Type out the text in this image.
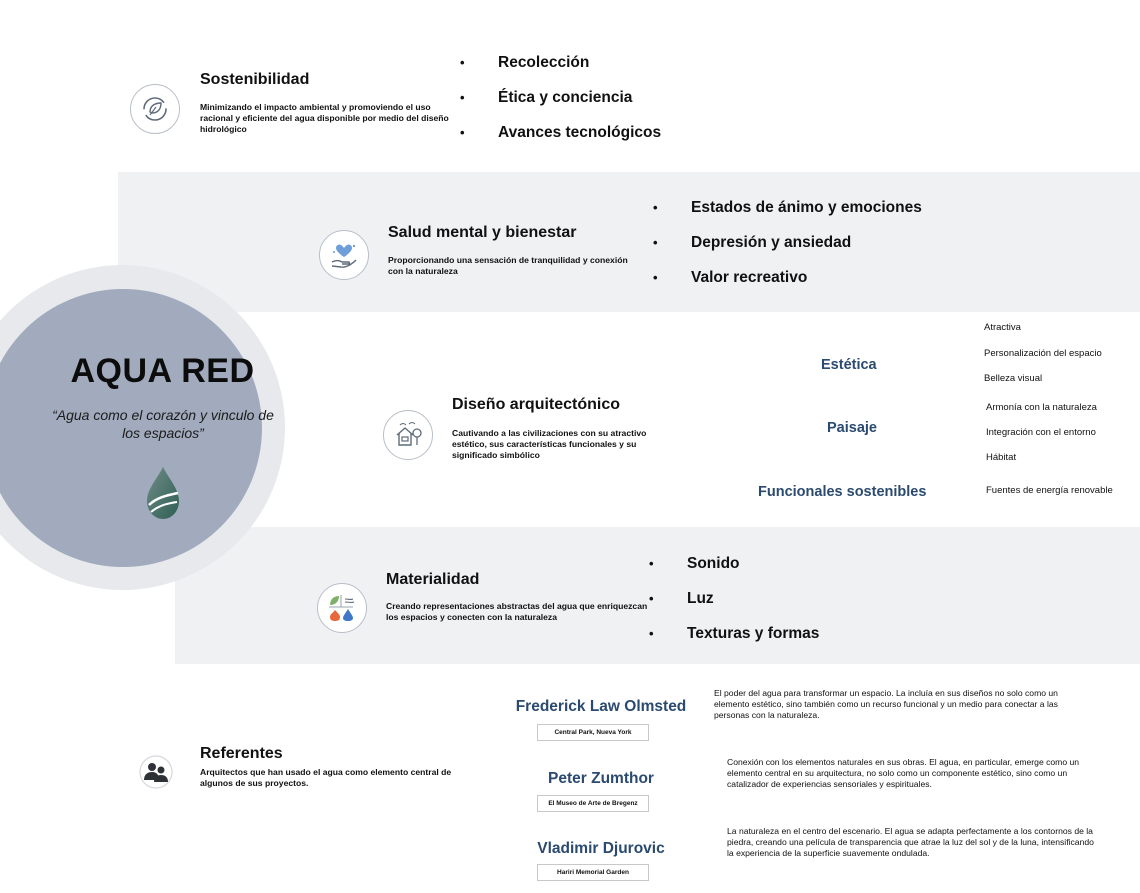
AQUA RED
“Agua como el corazón y vinculo de los espacios”
Sostenibilidad
Minimizando el impacto ambiental y promoviendo el uso racional y eficiente del agua disponible por medio del diseño hidrológico
• Recolección
• Ética y conciencia
• Avances tecnológicos
Salud mental y bienestar
Proporcionando una sensación de tranquilidad y conexión con la naturaleza
• Estados de ánimo y emociones
• Depresión y ansiedad
• Valor recreativo
Diseño arquitectónico
Cautivando a las civilizaciones con su atractivo estético, sus características funcionales y su significado simbólico
Estética
Paisaje
Funcionales sostenibles
Atractiva
Personalización del espacio
Belleza visual
Armonía con la naturaleza
Integración con el entorno
Hábitat
Fuentes de energía renovable
Materialidad
Creando representaciones abstractas del agua que enriquezcan los espacios y conecten con la naturaleza
• Sonido
• Luz
• Texturas y formas
Referentes
Arquitectos que han usado el agua como elemento central de algunos de sus proyectos.
Frederick Law Olmsted
Central Park, Nueva York
El poder del agua para transformar un espacio. La incluía en sus diseños no solo como un elemento estético, sino también como un recurso funcional y un medio para conectar a las personas con la naturaleza.
Peter Zumthor
El Museo de Arte de Bregenz
Conexión con los elementos naturales en sus obras. El agua, en particular, emerge como un elemento central en su arquitectura, no solo como un componente estético, sino como un catalizador de experiencias sensoriales y espirituales.
Vladimir Djurovic
Hariri Memorial Garden
La naturaleza en el centro del escenario. El agua se adapta perfectamente a los contornos de la piedra, creando una película de transparencia que atrae la luz del sol y de la luna, intensificando la experiencia de la superficie suavemente ondulada.
